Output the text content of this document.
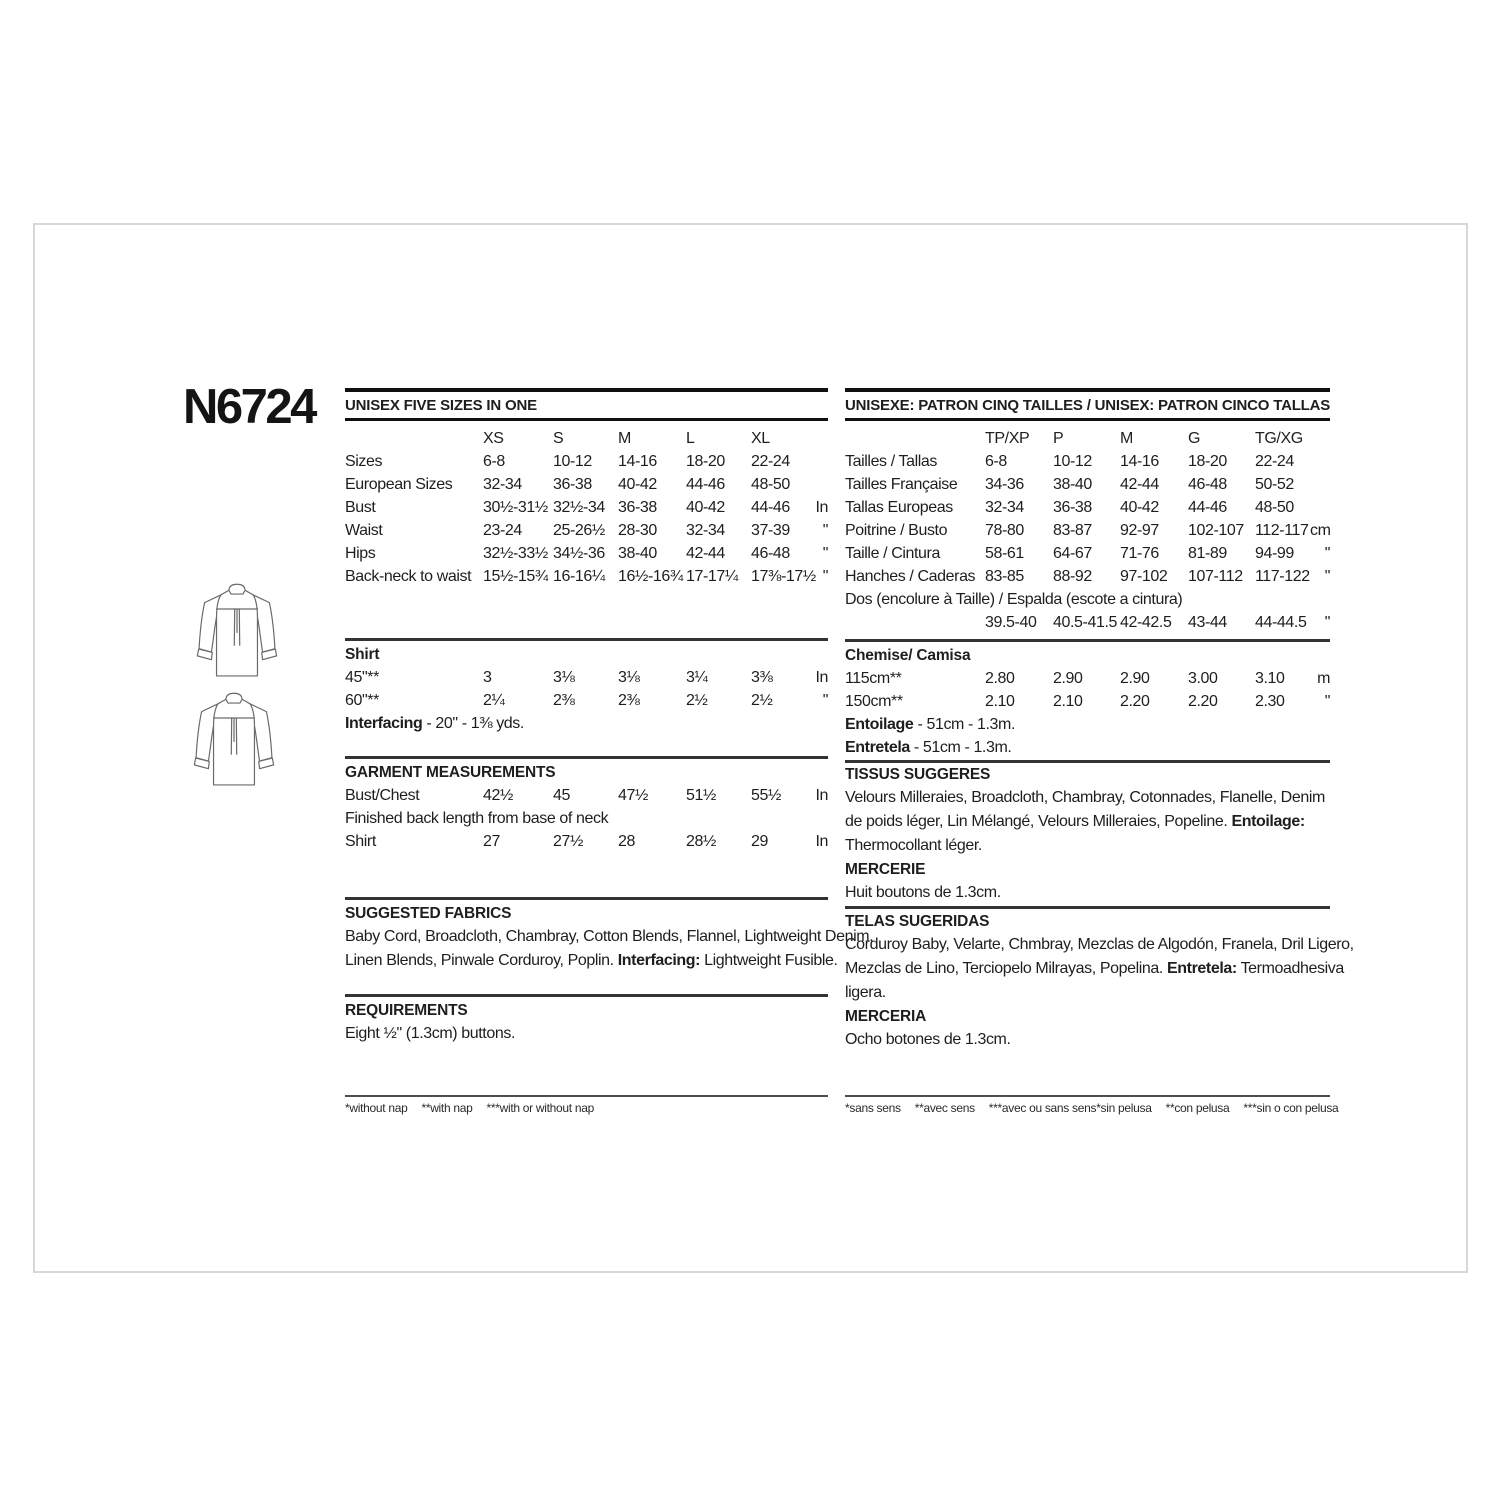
N6724 UNISEX FIVE SIZES IN ONE
XS	S	M	L	XL
Sizes	6-8	10-12	14-16	18-20	22-24
European Sizes	32-34	36-38	40-42	44-46	48-50
Bust	30½-31½ 32½-34 36-38	40-42	44-46	In
Waist	23-24	25-26½ 28-30	32-34	37-39	"
Hips	32½-33½ 34½-36 38-40	42-44	46-48	"
Back-neck to waist 15½-15¾ 16-16¼ 16½-16¾ 17-17¼ 17⅜-17½ "
Shirt
45"**	3	3⅛	3⅛	3¼	3⅜	In
60"**	2¼	2⅜	2⅜	2½	2½	"
Interfacing - 20" - 1⅜ yds.
GARMENT MEASUREMENTS
Bust/Chest	42½	45	47½	51½	55½	In
Finished back length from base of neck
Shirt	27	27½	28	28½	29	In
SUGGESTED FABRICS
Baby Cord, Broadcloth, Chambray, Cotton Blends, Flannel, Lightweight Denim,
Linen Blends, Pinwale Corduroy, Poplin. Interfacing: Lightweight Fusible.
REQUIREMENTS
Eight ½" (1.3cm) buttons.
UNISEXE: PATRON CINQ TAILLES / UNISEX: PATRON CINCO TALLAS
TP/XP	P	M	G	TG/XG
Tailles / Tallas	6-8	10-12	14-16	18-20	22-24
Tailles Française	34-36	38-40	42-44	46-48	50-52
Tallas Europeas	32-34	36-38	40-42	44-46	48-50
Poitrine / Busto	78-80	83-87	92-97	102-107 112-117 cm
Taille / Cintura	58-61	64-67	71-76	81-89	94-99	"
Hanches / Caderas 83-85	88-92	97-102	107-112 117-122 "
Dos (encolure à Taille) / Espalda (escote a cintura)
39.5-40	40.5-41.5 42-42.5	43-44	44-44.5	"
Chemise/ Camisa
115cm**	2.80	2.90	2.90	3.00	3.10	m
150cm**	2.10	2.10	2.20	2.20	2.30	"
Entoilage - 51cm - 1.3m.
Entretela - 51cm - 1.3m.
TISSUS SUGGERES
Velours Milleraies, Broadcloth, Chambray, Cotonnades, Flanelle, Denim
de poids léger, Lin Mélangé, Velours Milleraies, Popeline. Entoilage:
Thermocollant léger.
MERCERIE
Huit boutons de 1.3cm.
TELAS SUGERIDAS
Corduroy Baby, Velarte, Chmbray, Mezclas de Algodón, Franela, Dril Ligero,
Mezclas de Lino, Terciopelo Milrayas, Popelina. Entretela: Termoadhesiva
ligera.
MERCERIA
Ocho botones de 1.3cm.
*without nap **with nap ***with or without nap	*sans sens **avec sens ***avec ou sans sens *sin pelusa **con pelusa ***sin o con pelusa
